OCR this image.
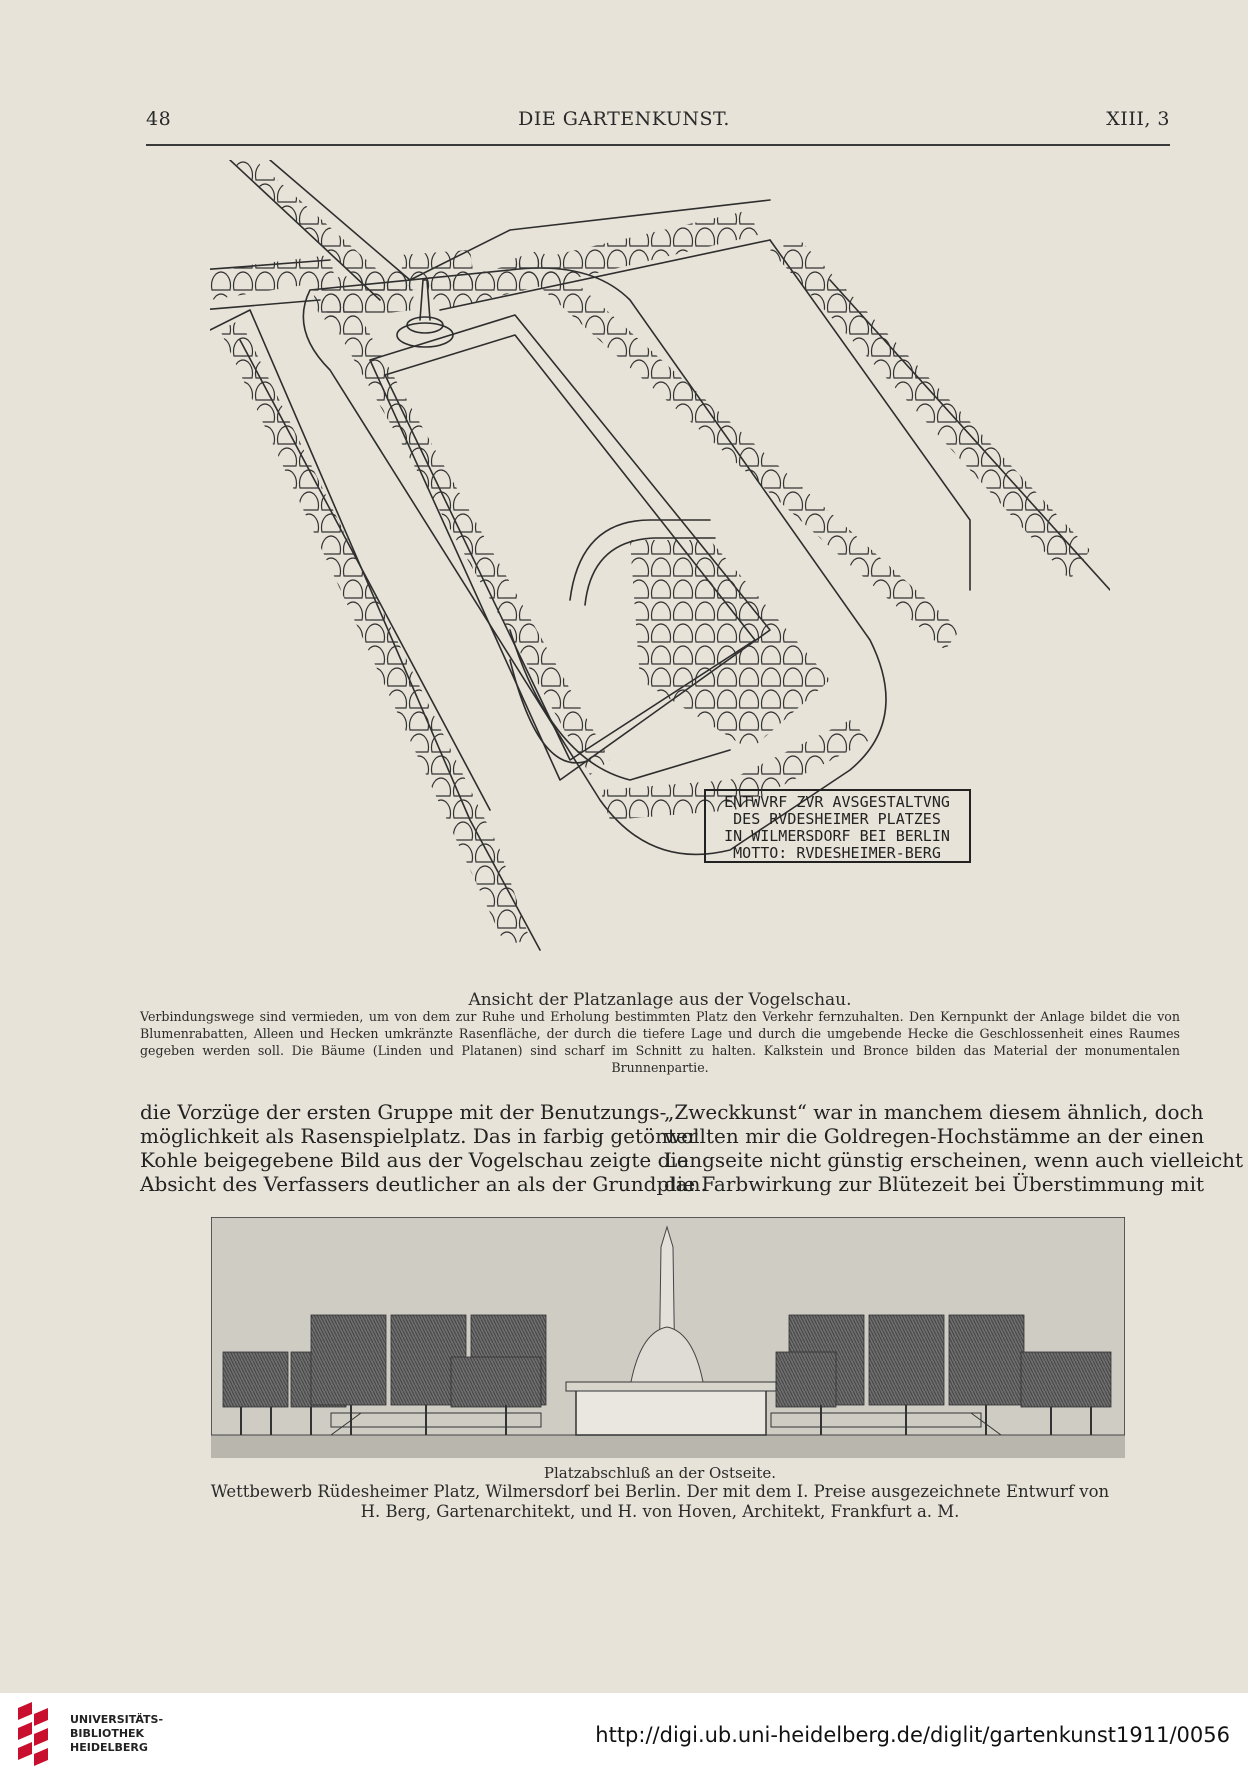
48	DIE GARTENKUNST.	XIII, 3
ENTWVRF ZVR AVSGESTALTVNG
DES RVDESHEIMER PLATZES
IN WILMERSDORF BEI BERLIN
MOTTO: RVDESHEIMER-BERG
Ansicht der Platzanlage aus der Vogelschau.
Verbindungswege sind vermieden, um von dem zur Ruhe und Erholung bestimmten Platz den Verkehr fernzuhalten. Den Kernpunkt der Anlage bildet die von Blumenrabatten, Alleen und Hecken umkränzte Rasenfläche, der durch die tiefere Lage und durch die umgebende Hecke die Geschlossenheit eines Raumes gegeben werden soll. Die Bäume (Linden und Platanen) sind scharf im Schnitt zu halten. Kalkstein und Bronce bilden das Material der monumentalen Brunnenpartie.
die Vorzüge der ersten Gruppe mit der Benutzungs-
möglichkeit als Rasenspielplatz. Das in farbig getönter
Kohle beigegebene Bild aus der Vogelschau zeigte die
Absicht des Verfassers deutlicher an als der Grundplan.
„Zweckkunst“ war in manchem diesem ähnlich, doch
wollten mir die Goldregen-Hochstämme an der einen
Langseite nicht günstig erscheinen, wenn auch vielleicht
die Farbwirkung zur Blütezeit bei Überstimmung mit
Platzabschluß an der Ostseite.
Wettbewerb Rüdesheimer Platz, Wilmersdorf bei Berlin. Der mit dem I. Preise ausgezeichnete Entwurf von
H. Berg, Gartenarchitekt, und H. von Hoven, Architekt, Frankfurt a. M.
UNIVERSITÄTS-
BIBLIOTHEK
HEIDELBERG
http://digi.ub.uni-heidelberg.de/diglit/gartenkunst1911/0056
